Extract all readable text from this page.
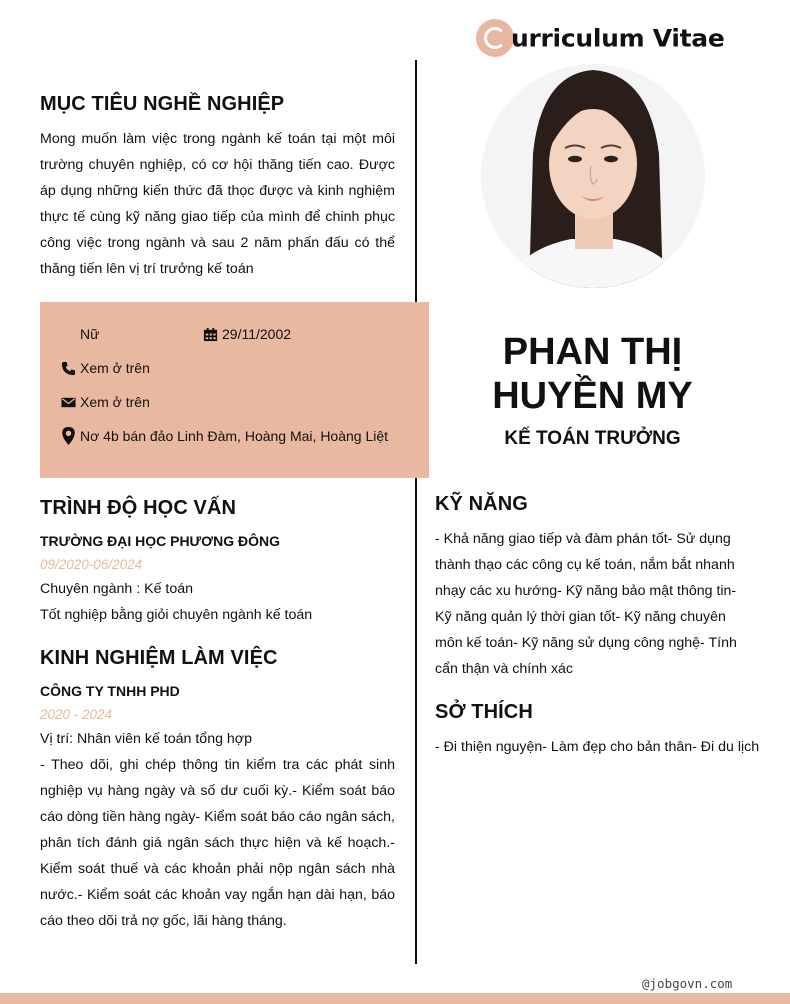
urriculum Vitae
MỤC TIÊU NGHỀ NGHIỆP
Mong muốn làm việc trong ngành kế toán tại một môi trường chuyên nghiệp, có cơ hội thăng tiến cao. Được áp dụng những kiến thức đã thọc được và kinh nghiệm thực tế cùng kỹ năng giao tiếp của mình để chinh phục công việc trong ngành và sau 2 năm phấn đấu có thể thăng tiến lên vị trí trưởng kế toán
Nữ	29/11/2002
Xem ở trên
Xem ở trên
Nơ 4b bán đảo Linh Đàm, Hoàng Mai, Hoàng Liệt
PHAN THỊ
HUYỀN MY
KẾ TOÁN TRƯỞNG
TRÌNH ĐỘ HỌC VẤN
TRƯỜNG ĐẠI HỌC PHƯƠNG ĐÔNG
09/2020-06/2024
Chuyên ngành : Kế toán
Tốt nghiệp bằng giỏi chuyên ngành kế toán
KINH NGHIỆM LÀM VIỆC
CÔNG TY TNHH PHD
2020 - 2024
Vị trí: Nhân viên kế toán tổng hợp
- Theo dõi, ghi chép thông tin kiểm tra các phát sinh nghiệp vụ hàng ngày và số dư cuối kỳ.- Kiểm soát báo cáo dòng tiền hàng ngày- Kiểm soát báo cáo ngân sách, phân tích đánh giá ngân sách thực hiện và kế hoạch.- Kiểm soát thuế và các khoản phải nộp ngân sách nhà nước.- Kiểm soát các khoản vay ngắn hạn dài hạn, báo cáo theo dõi trả nợ gốc, lãi hàng tháng.
KỸ NĂNG
- Khả năng giao tiếp và đàm phán tốt- Sử dụng thành thạo các công cụ kế toán, nắm bắt nhanh nhạy các xu hướng- Kỹ năng bảo mật thông tin- Kỹ năng quản lý thời gian tốt- Kỹ năng chuyên môn kế toán- Kỹ năng sử dụng công nghệ- Tính cẩn thận và chính xác
SỞ THÍCH
- Đi thiện nguyện- Làm đẹp cho bản thân- Đi du lịch
@jobgovn.com
